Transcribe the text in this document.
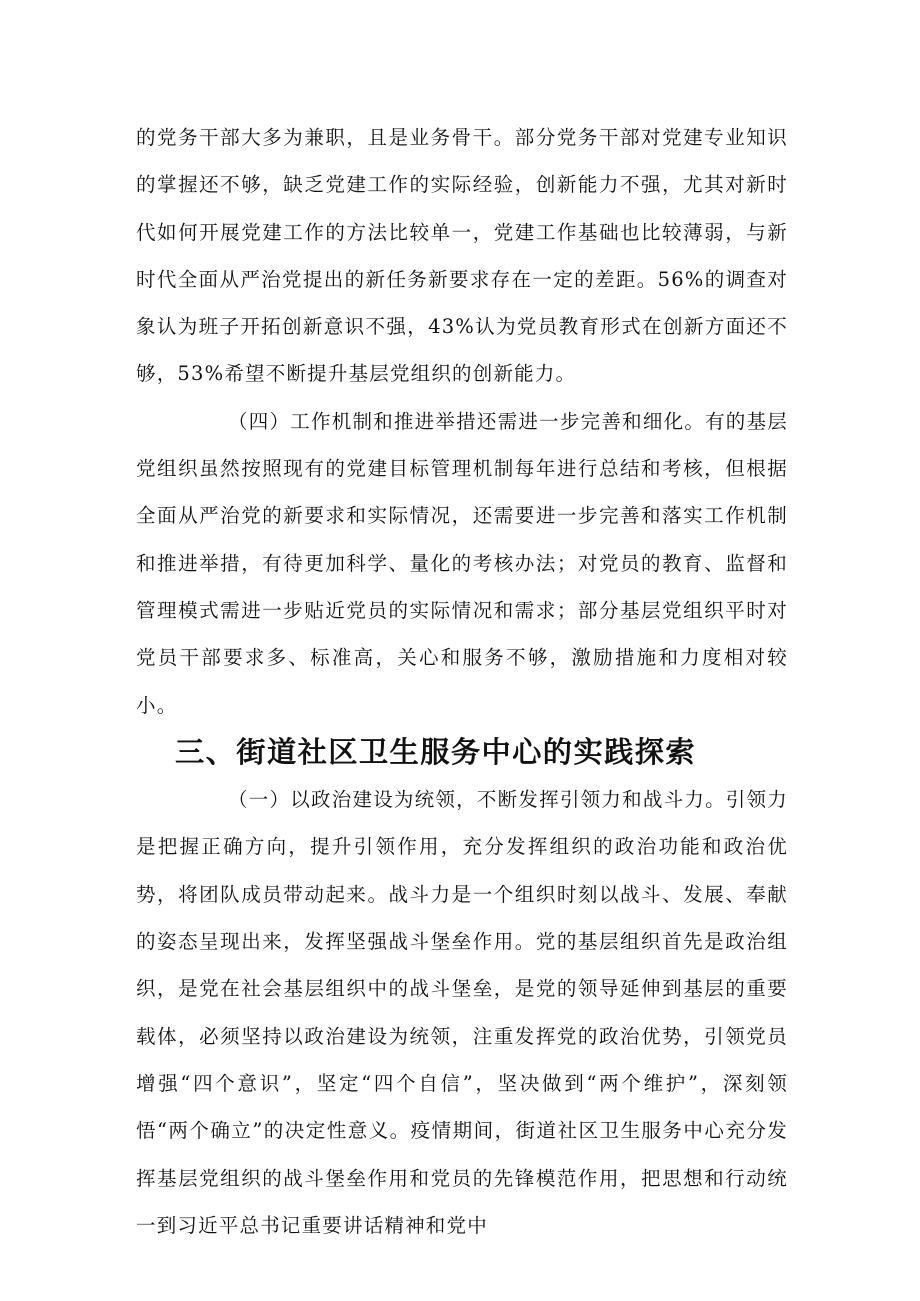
的党务干部大多为兼职，且是业务骨干。部分党务干部对党建专业知识的掌握还不够，缺乏党建工作的实际经验，创新能力不强，尤其对新时代如何开展党建工作的方法比较单一，党建工作基础也比较薄弱，与新时代全面从严治党提出的新任务新要求存在一定的差距。56%的调查对象认为班子开拓创新意识不强，43%认为党员教育形式在创新方面还不够，53%希望不断提升基层党组织的创新能力。

（四）工作机制和推进举措还需进一步完善和细化。有的基层党组织虽然按照现有的党建目标管理机制每年进行总结和考核，但根据全面从严治党的新要求和实际情况，还需要进一步完善和落实工作机制和推进举措，有待更加科学、量化的考核办法；对党员的教育、监督和管理模式需进一步贴近党员的实际情况和需求；部分基层党组织平时对党员干部要求多、标准高，关心和服务不够，激励措施和力度相对较小。

三、街道社区卫生服务中心的实践探索

（一）以政治建设为统领，不断发挥引领力和战斗力。引领力是把握正确方向，提升引领作用，充分发挥组织的政治功能和政治优势，将团队成员带动起来。战斗力是一个组织时刻以战斗、发展、奉献的姿态呈现出来，发挥坚强战斗堡垒作用。党的基层组织首先是政治组织，是党在社会基层组织中的战斗堡垒，是党的领导延伸到基层的重要载体，必须坚持以政治建设为统领，注重发挥党的政治优势，引领党员增强“四个意识”，坚定“四个自信”，坚决做到“两个维护”，深刻领悟“两个确立”的决定性意义。疫情期间，街道社区卫生服务中心充分发挥基层党组织的战斗堡垒作用和党员的先锋模范作用，把思想和行动统一到习近平总书记重要讲话精神和党中
